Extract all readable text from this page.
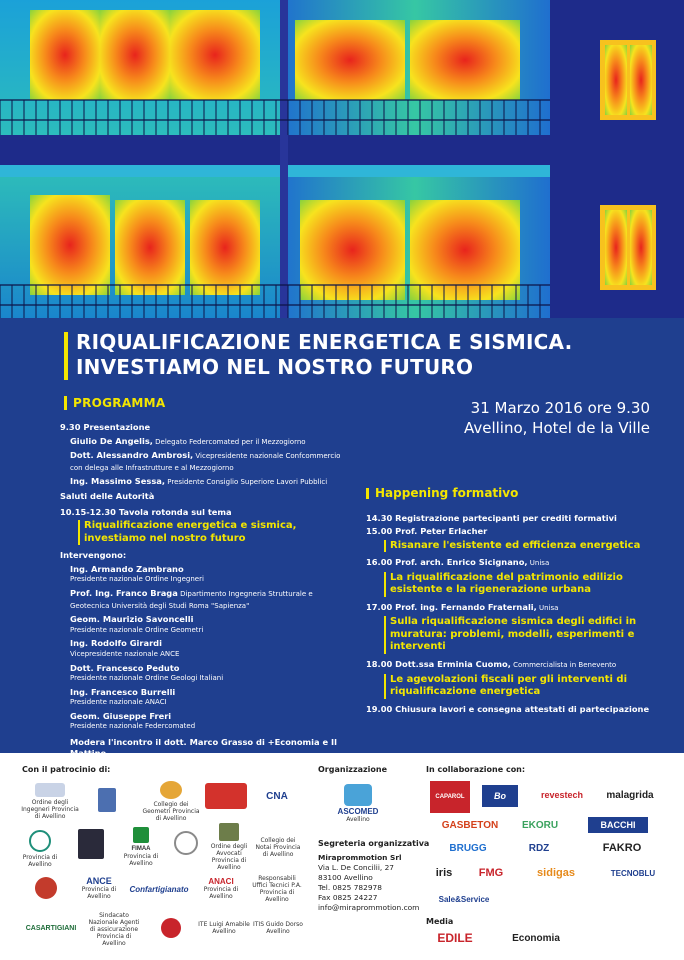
RIQUALIFICAZIONE ENERGETICA E SISMICA.
INVESTIAMO NEL NOSTRO FUTURO
PROGRAMMA	31 Marzo 2016 ore 9.30
Avellino, Hotel de la Ville
9.30 Presentazione
Giulio De Angelis, Delegato Federcomated per il Mezzogiorno
Dott. Alessandro Ambrosi, Vicepresidente nazionale Confcommercio con delega alle Infrastrutture e al Mezzogiorno
Ing. Massimo Sessa, Presidente Consiglio Superiore Lavori Pubblici
Saluti delle Autorità
10.15-12.30 Tavola rotonda sul tema
Riqualificazione energetica e sismica, investiamo nel nostro futuro
Intervengono:
Ing. Armando Zambrano
Presidente nazionale Ordine Ingegneri
Prof. Ing. Franco Braga Dipartimento Ingegneria Strutturale e Geotecnica Università degli Studi Roma "Sapienza"
Geom. Maurizio Savoncelli
Presidente nazionale Ordine Geometri
Ing. Rodolfo Girardi
Vicepresidente nazionale ANCE
Dott. Francesco Peduto
Presidente nazionale Ordine Geologi Italiani
Ing. Francesco Burrelli
Presidente nazionale ANACI
Geom. Giuseppe Freri
Presidente nazionale Federcomated
Modera l'incontro il dott. Marco Grasso di +Economia e Il
Happening formativo
14.30 Registrazione partecipanti per crediti formativi
15.00 Prof. Peter Erlacher
Risanare l'esistente ed efficienza energetica
16.00 Prof. arch. Enrico Sicignano, Unisa
La riqualificazione del patrimonio edilizio esistente e la rigenerazione urbana
17.00 Prof. ing. Fernando Fraternali, Unisa
Sulla riqualificazione sismica degli edifici in muratura: problemi, modelli, esperimenti e interventi
18.00 Dott.ssa Erminia Cuomo, Commercialista in Benevento
Le agevolazioni fiscali per gli interventi di riqualificazione energetica
19.00 Chiusura lavori e consegna attestati di partecipazione
Con il patrocinio di:	Organizzazione	In collaborazione con:
Ordine degli Ingegneri Provincia di Avellino
Collegio dei Geometri Provincia di Avellino
CNA
Provincia di Avellino
FIMAA
Provincia di Avellino
Ordine degli Avvocati Provincia di Avellino
Collegio dei Notai Provincia di Avellino
ANCE
Provincia di Avellino
Confartigianato
ANACI
Provincia di Avellino
Responsabili Uffici Tecnici P.A. Provincia di Avellino
CASARTIGIANI
Sindacato Nazionale Agenti di assicurazione Provincia di Avellino
ITE Luigi Amabile Avellino
ITIS Guido Dorso Avellino
ASCOMED
Avellino
Segreteria organizzativa
Miraprommotion Srl
Via L. De Concilii, 27
83100 Avellino
Tel. 0825 782978
Fax 0825 24227
info@miraprommotion.com
CAPAROL	Bo	revestech	malagrida
GASBETON	EKORU	BACCHI
BRUGG	RDZ	FAKRO
iris	FMG	sidigas	TECNOBLU
Sale&Service
Media
EDILE	Economia
